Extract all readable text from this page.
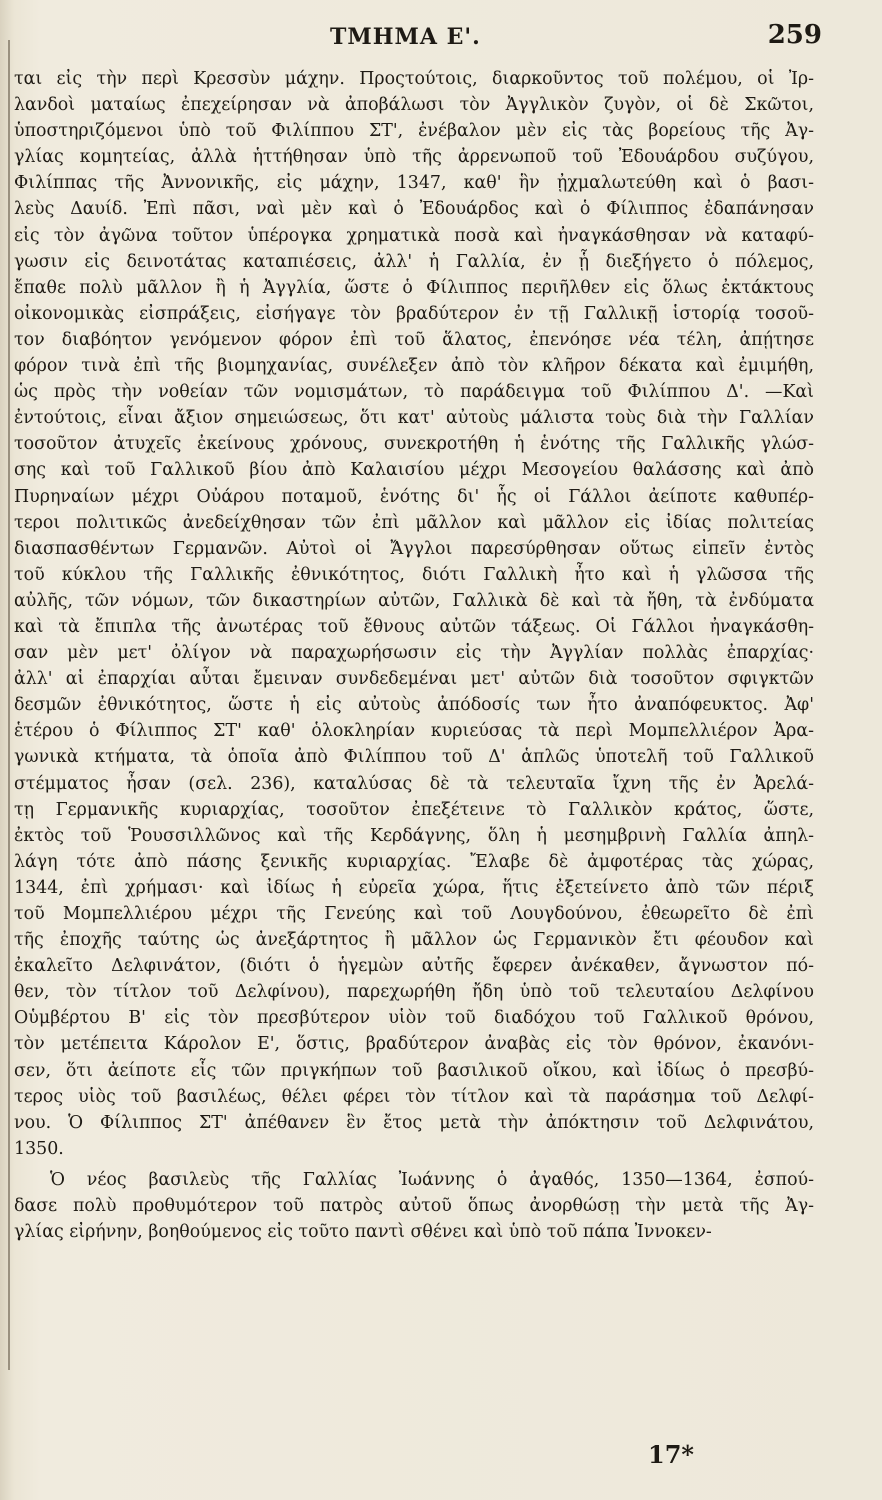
ΤΜΗΜΑ Ε'.	259
ται εἰς τὴν περὶ Κρεσσὺν μάχην. Προςτούτοις, διαρκοῦντος τοῦ πολέμου, οἱ Ἰρ-
λανδοὶ ματαίως ἐπεχείρησαν νὰ ἀποβάλωσι τὸν Ἀγγλικὸν ζυγὸν, οἱ δὲ Σκῶτοι,
ὑποστηριζόμενοι ὑπὸ τοῦ Φιλίππου ΣΤ', ἐνέβαλον μὲν εἰς τὰς βορείους τῆς Ἀγ-
γλίας κομητείας, ἀλλὰ ἡττήθησαν ὑπὸ τῆς ἀρρενωποῦ τοῦ Ἐδουάρδου συζύγου,
Φιλίππας τῆς Ἀννονικῆς, εἰς μάχην, 1347, καθ' ἣν ᾐχμαλωτεύθη καὶ ὁ βασι-
λεὺς Δαυίδ. Ἐπὶ πᾶσι, ναὶ μὲν καὶ ὁ Ἐδουάρδος καὶ ὁ Φίλιππος ἐδαπάνησαν
εἰς τὸν ἀγῶνα τοῦτον ὑπέρογκα χρηματικὰ ποσὰ καὶ ἠναγκάσθησαν νὰ καταφύ-
γωσιν εἰς δεινοτάτας καταπιέσεις, ἀλλ' ἡ Γαλλία, ἐν ᾗ διεξήγετο ὁ πόλεμος,
ἔπαθε πολὺ μᾶλλον ἢ ἡ Ἀγγλία, ὥστε ὁ Φίλιππος περιῆλθεν εἰς ὅλως ἐκτάκτους
οἰκονομικὰς εἰσπράξεις, εἰσήγαγε τὸν βραδύτερον ἐν τῇ Γαλλικῇ ἱστορίᾳ τοσοῦ-
τον διαβόητον γενόμενον φόρον ἐπὶ τοῦ ἅλατος, ἐπενόησε νέα τέλη, ἀπῄτησε
φόρον τινὰ ἐπὶ τῆς βιομηχανίας, συνέλεξεν ἀπὸ τὸν κλῆρον δέκατα καὶ ἐμιμήθη,
ὡς πρὸς τὴν νοθείαν τῶν νομισμάτων, τὸ παράδειγμα τοῦ Φιλίππου Δ'. —Καὶ
ἐντούτοις, εἶναι ἄξιον σημειώσεως, ὅτι κατ' αὐτοὺς μάλιστα τοὺς διὰ τὴν Γαλλίαν
τοσοῦτον ἀτυχεῖς ἐκείνους χρόνους, συνεκροτήθη ἡ ἑνότης τῆς Γαλλικῆς γλώσ-
σης καὶ τοῦ Γαλλικοῦ βίου ἀπὸ Καλαισίου μέχρι Μεσογείου θαλάσσης καὶ ἀπὸ
Πυρηναίων μέχρι Οὐάρου ποταμοῦ, ἑνότης δι' ἧς οἱ Γάλλοι ἀείποτε καθυπέρ-
τεροι πολιτικῶς ἀνεδείχθησαν τῶν ἐπὶ μᾶλλον καὶ μᾶλλον εἰς ἰδίας πολιτείας
διασπασθέντων Γερμανῶν. Αὐτοὶ οἱ Ἄγγλοι παρεσύρθησαν οὕτως εἰπεῖν ἐντὸς
τοῦ κύκλου τῆς Γαλλικῆς ἐθνικότητος, διότι Γαλλικὴ ἦτο καὶ ἡ γλῶσσα τῆς
αὐλῆς, τῶν νόμων, τῶν δικαστηρίων αὐτῶν, Γαλλικὰ δὲ καὶ τὰ ἤθη, τὰ ἐνδύματα
καὶ τὰ ἔπιπλα τῆς ἀνωτέρας τοῦ ἔθνους αὐτῶν τάξεως. Οἱ Γάλλοι ἠναγκάσθη-
σαν μὲν μετ' ὀλίγον νὰ παραχωρήσωσιν εἰς τὴν Ἀγγλίαν πολλὰς ἐπαρχίας·
ἀλλ' αἱ ἐπαρχίαι αὗται ἔμειναν συνδεδεμέναι μετ' αὐτῶν διὰ τοσοῦτον σφιγκτῶν
δεσμῶν ἐθνικότητος, ὥστε ἡ εἰς αὐτοὺς ἀπόδοσίς των ἦτο ἀναπόφευκτος. Ἀφ'
ἑτέρου ὁ Φίλιππος ΣΤ' καθ' ὁλοκληρίαν κυριεύσας τὰ περὶ Μομπελλιέρον Ἀρα-
γωνικὰ κτήματα, τὰ ὁποῖα ἀπὸ Φιλίππου τοῦ Δ' ἁπλῶς ὑποτελῆ τοῦ Γαλλικοῦ
στέμματος ἦσαν (σελ. 236), καταλύσας δὲ τὰ τελευταῖα ἴχνη τῆς ἐν Ἀρελά-
τῃ Γερμανικῆς κυριαρχίας, τοσοῦτον ἐπεξέτεινε τὸ Γαλλικὸν κράτος, ὥστε,
ἐκτὸς τοῦ Ῥουσσιλλῶνος καὶ τῆς Κερδάγνης, ὅλη ἡ μεσημβρινὴ Γαλλία ἀπηλ-
λάγη τότε ἀπὸ πάσης ξενικῆς κυριαρχίας. Ἔλαβε δὲ ἀμφοτέρας τὰς χώρας,
1344, ἐπὶ χρήμασι· καὶ ἰδίως ἡ εὐρεῖα χώρα, ἥτις ἐξετείνετο ἀπὸ τῶν πέριξ
τοῦ Μομπελλιέρου μέχρι τῆς Γενεύης καὶ τοῦ Λουγδούνου, ἐθεωρεῖτο δὲ ἐπὶ
τῆς ἐποχῆς ταύτης ὡς ἀνεξάρτητος ἢ μᾶλλον ὡς Γερμανικὸν ἔτι φέουδον καὶ
ἐκαλεῖτο Δελφινάτον, (διότι ὁ ἡγεμὼν αὐτῆς ἔφερεν ἀνέκαθεν, ἄγνωστον πό-
θεν, τὸν τίτλον τοῦ Δελφίνου), παρεχωρήθη ἤδη ὑπὸ τοῦ τελευταίου Δελφίνου
Οὑμβέρτου Β' εἰς τὸν πρεσβύτερον υἱὸν τοῦ διαδόχου τοῦ Γαλλικοῦ θρόνου,
τὸν μετέπειτα Κάρολον Ε', ὅστις, βραδύτερον ἀναβὰς εἰς τὸν θρόνον, ἐκανόνι-
σεν, ὅτι ἀείποτε εἷς τῶν πριγκήπων τοῦ βασιλικοῦ οἴκου, καὶ ἰδίως ὁ πρεσβύ-
τερος υἱὸς τοῦ βασιλέως, θέλει φέρει τὸν τίτλον καὶ τὰ παράσημα τοῦ Δελφί-
νου. Ὁ Φίλιππος ΣΤ' ἀπέθανεν ἓν ἔτος μετὰ τὴν ἀπόκτησιν τοῦ Δελφινάτου,
1350.
Ὁ νέος βασιλεὺς τῆς Γαλλίας Ἰωάννης ὁ ἀγαθός, 1350—1364, ἐσπού-
δασε πολὺ προθυμότερον τοῦ πατρὸς αὐτοῦ ὅπως ἀνορθώσῃ τὴν μετὰ τῆς Ἀγ-
γλίας εἰρήνην, βοηθούμενος εἰς τοῦτο παντὶ σθένει καὶ ὑπὸ τοῦ πάπα Ἰννοκεν-
17*
